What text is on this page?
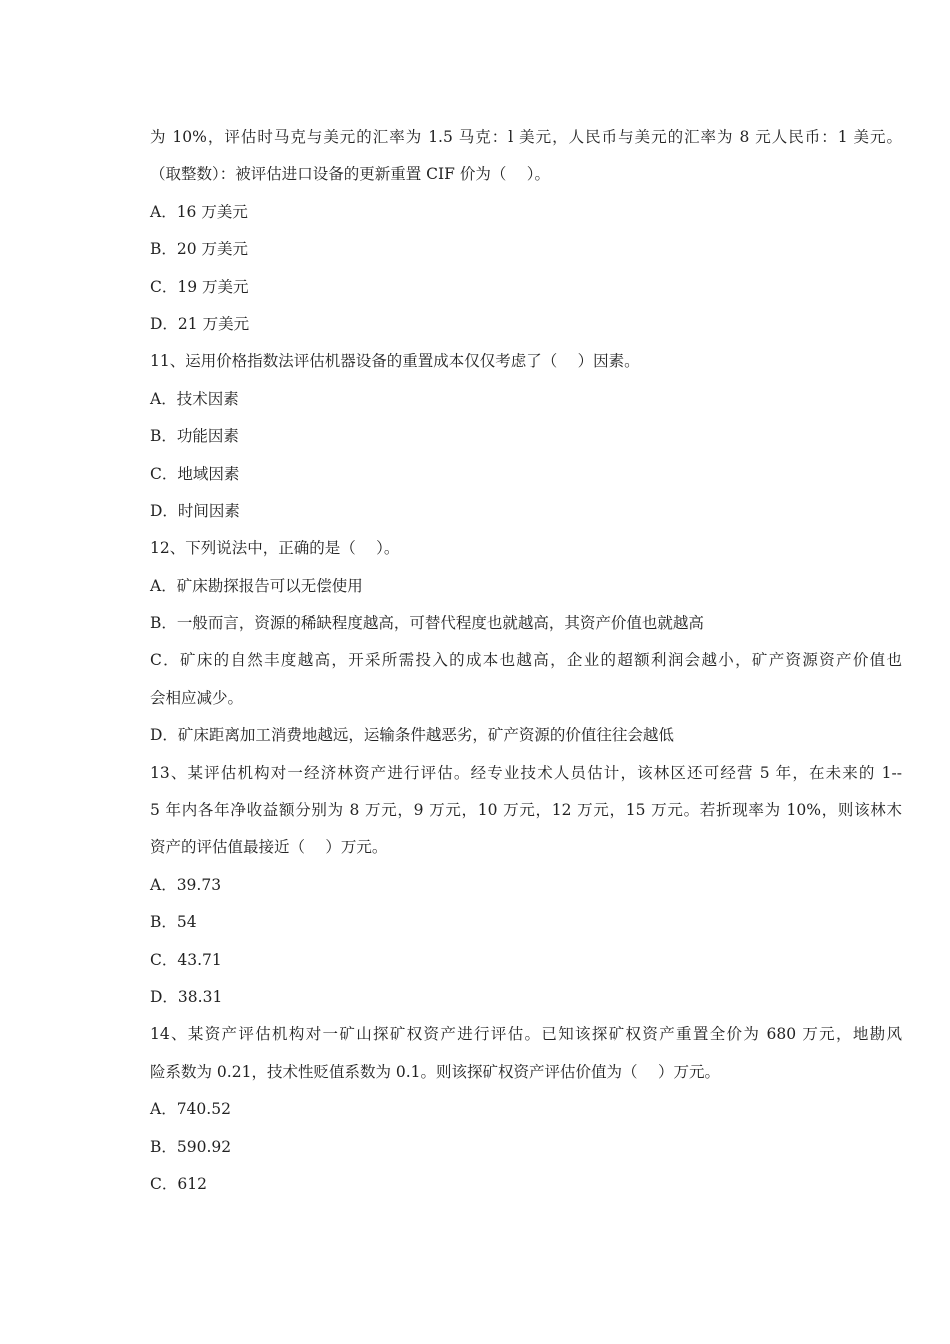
为 10%，评估时马克与美元的汇率为 1.5 马克：l 美元，人民币与美元的汇率为 8 元人民币：1 美元。
（取整数）：被评估进口设备的更新重置 CIF 价为（　 ）。
A．16 万美元
B．20 万美元
C．19 万美元
D．21 万美元
11、运用价格指数法评估机器设备的重置成本仅仅考虑了（　 ）因素。
A．技术因素
B．功能因素
C．地域因素
D．时间因素
12、下列说法中，正确的是（　 ）。
A．矿床勘探报告可以无偿使用
B．一般而言，资源的稀缺程度越高，可替代程度也就越高，其资产价值也就越高
C．矿床的自然丰度越高，开采所需投入的成本也越高，企业的超额利润会越小，矿产资源资产价值也
会相应减少。
D．矿床距离加工消费地越远，运输条件越恶劣，矿产资源的价值往往会越低
13、某评估机构对一经济林资产进行评估。经专业技术人员估计，该林区还可经营 5 年，在未来的 1--
5 年内各年净收益额分别为 8 万元，9 万元，10 万元，12 万元，15 万元。若折现率为 10%，则该林木
资产的评估值最接近（　 ）万元。
A．39.73
B．54
C．43.71
D．38.31
14、某资产评估机构对一矿山探矿权资产进行评估。已知该探矿权资产重置全价为 680 万元，地勘风
险系数为 0.21，技术性贬值系数为 0.1。则该探矿权资产评估价值为（　 ）万元。
A．740.52
B．590.92
C．612
